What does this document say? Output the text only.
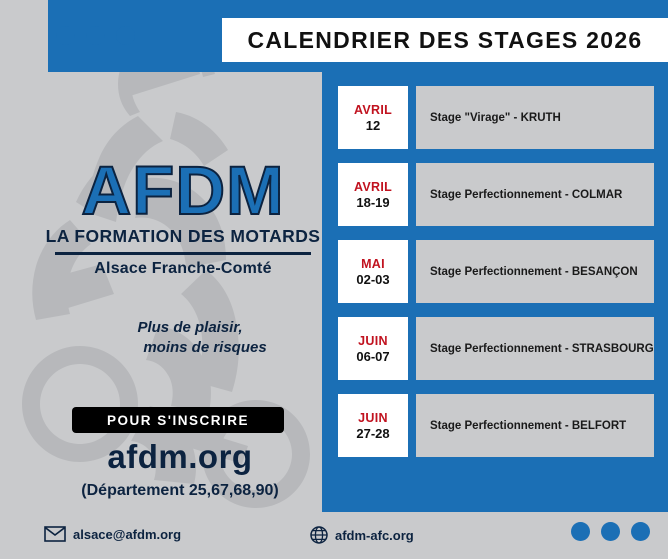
CALENDRIER DES STAGES 2026
AVRIL
12	Stage "Virage" - KRUTH
AVRIL
18-19	Stage Perfectionnement - COLMAR
MAI
02-03	Stage Perfectionnement - BESANÇON
JUIN
06-07	Stage Perfectionnement - STRASBOURG
JUIN
27-28	Stage Perfectionnement - BELFORT
AFDM
LA FORMATION DES MOTARDS
Alsace Franche-Comté
Plus de plaisir,
moins de risques
POUR S'INSCRIRE
afdm.org
(Département 25,67,68,90)
alsace@afdm.org	afdm-afc.org
